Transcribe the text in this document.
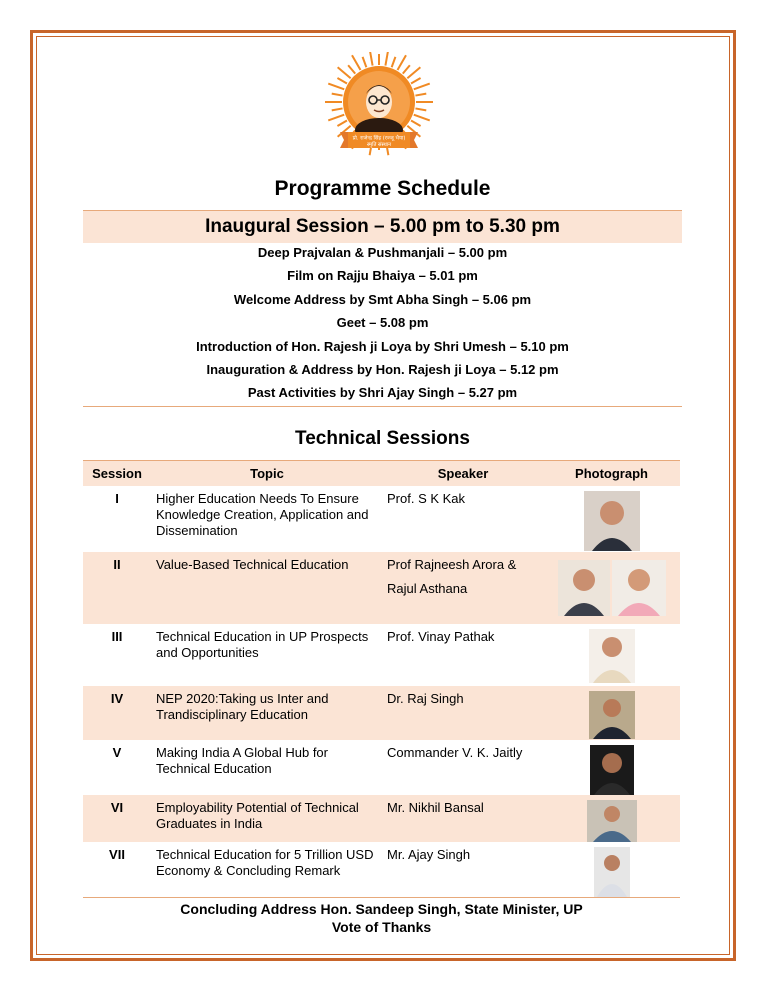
प्रो. राजेन्द्र सिंह (रज्जू भैया)
स्मृति संस्थान
Programme Schedule
Inaugural Session – 5.00 pm to 5.30 pm
Deep Prajvalan & Pushmanjali – 5.00 pm
Film on Rajju Bhaiya – 5.01 pm
Welcome Address by Smt Abha Singh – 5.06 pm
Geet – 5.08 pm
Introduction of Hon. Rajesh ji Loya by Shri Umesh – 5.10 pm
Inauguration & Address by Hon. Rajesh ji Loya – 5.12 pm
Past Activities by Shri Ajay Singh – 5.27 pm
Technical Sessions
Session	Topic	Speaker	Photograph
I	Higher Education Needs To Ensure Knowledge Creation, Application and Dissemination	Prof. S K Kak	

II	Value-Based Technical Education	Prof Rajneesh Arora &
Rajul Asthana

III	Technical Education in UP Prospects and Opportunities	Prof. Vinay Pathak	

IV	NEP 2020:Taking us Inter and Trandisciplinary Education	Dr. Raj Singh	

V	Making India A Global Hub for Technical Education	Commander V. K. Jaitly	

VI	Employability Potential of Technical Graduates in India	Mr. Nikhil Bansal	

VII	Technical Education for 5 Trillion USD Economy & Concluding Remark	Mr. Ajay Singh	
Concluding Address Hon. Sandeep Singh, State Minister, UP
Vote of Thanks
